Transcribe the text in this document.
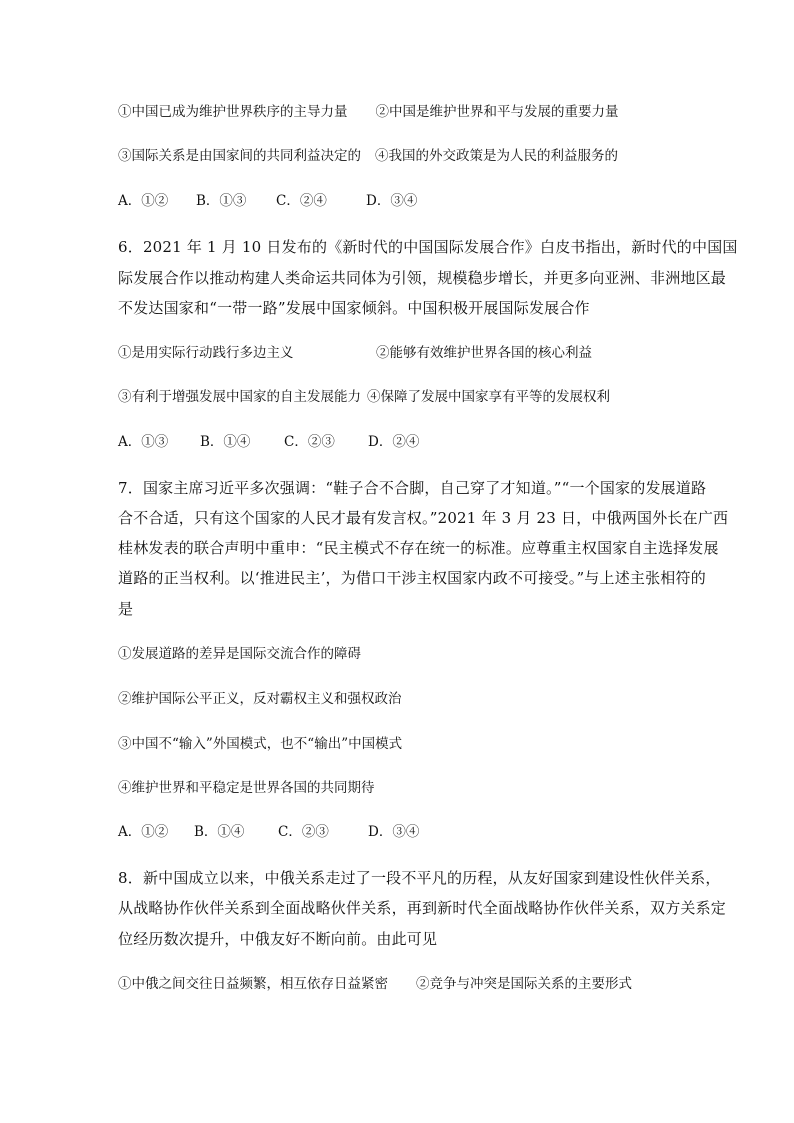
①中国已成为维护世界秩序的主导力量 ②中国是维护世界和平与发展的重要力量
③国际关系是由国家间的共同利益决定的 ④我国的外交政策是为人民的利益服务的
A．①② B．①③ C．②④	D．③④
6．2021 年 1 月 10 日发布的《新时代的中国国际发展合作》白皮书指出，新时代的中国国
际发展合作以推动构建人类命运共同体为引领，规模稳步增长，并更多向亚洲、非洲地区最
不发达国家和“一带一路”发展中国家倾斜。中国积极开展国际发展合作
①是用实际行动践行多边主义	②能够有效维护世界各国的核心利益
③有利于增强发展中国家的自主发展能力 ④保障了发展中国家享有平等的发展权利
A．①③ B．①④ C．②③ D．②④
7．国家主席习近平多次强调：“鞋子合不合脚，自己穿了才知道。”“一个国家的发展道路
合不合适，只有这个国家的人民才最有发言权。”2021 年 3 月 23 日，中俄两国外长在广西
桂林发表的联合声明中重申：“民主模式不存在统一的标准。应尊重主权国家自主选择发展
道路的正当权利。以‘推进民主’，为借口干涉主权国家内政不可接受。”与上述主张相符的
是
①发展道路的差异是国际交流合作的障碍
②维护国际公平正义，反对霸权主义和强权政治
③中国不“输入”外国模式，也不“输出”中国模式
④维护世界和平稳定是世界各国的共同期待
A．①② B．①④ C．②③	D．③④
8．新中国成立以来，中俄关系走过了一段不平凡的历程，从友好国家到建设性伙伴关系，
从战略协作伙伴关系到全面战略伙伴关系，再到新时代全面战略协作伙伴关系，双方关系定
位经历数次提升，中俄友好不断向前。由此可见
①中俄之间交往日益频繁，相互依存日益紧密 ②竞争与冲突是国际关系的主要形式
